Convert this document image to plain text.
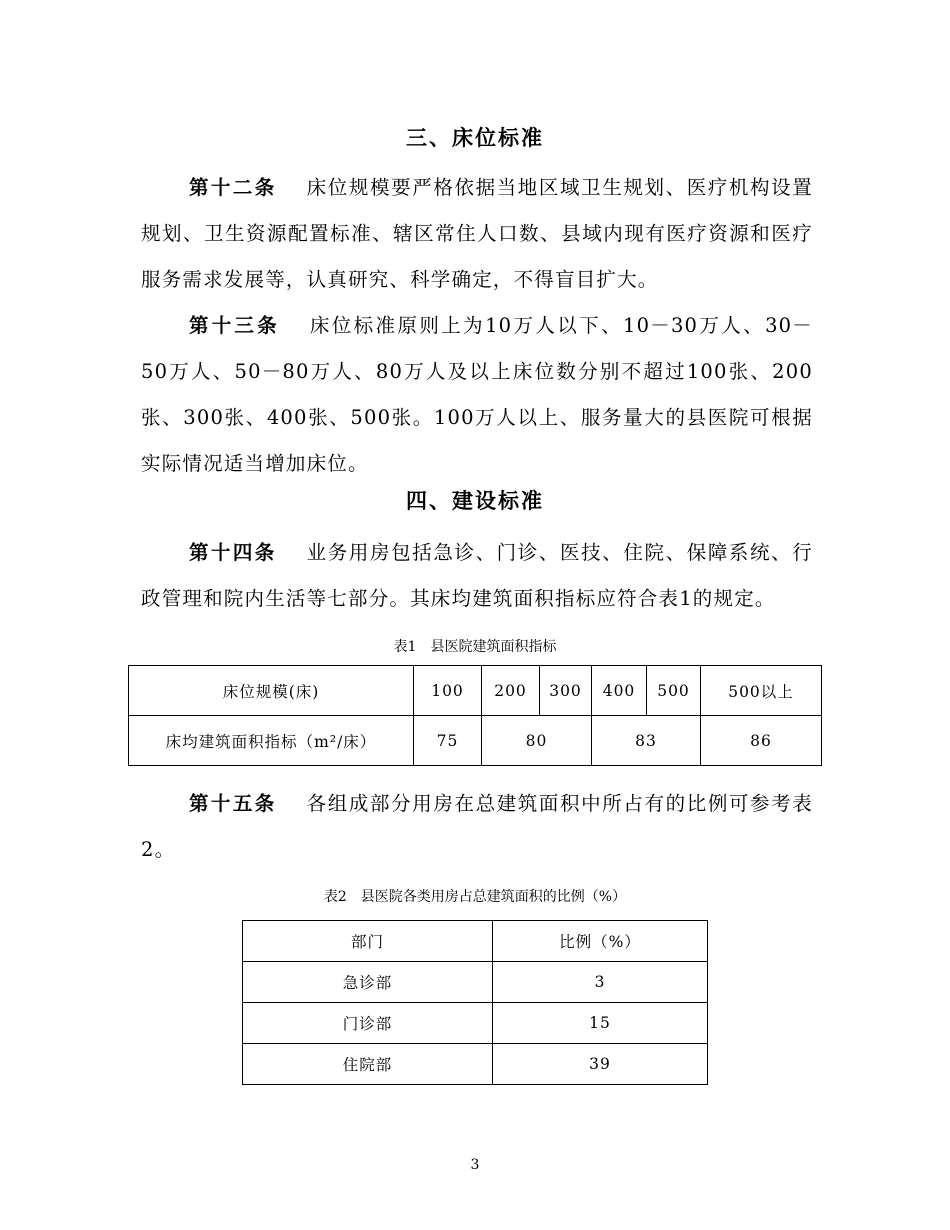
三、床位标准

第十二条 床位规模要严格依据当地区域卫生规划、医疗机构设置规划、卫生资源配置标准、辖区常住人口数、县域内现有医疗资源和医疗服务需求发展等，认真研究、科学确定，不得盲目扩大。

第十三条 床位标准原则上为10万人以下、10－30万人、30－50万人、50－80万人、80万人及以上床位数分别不超过100张、200张、300张、400张、500张。100万人以上、服务量大的县医院可根据实际情况适当增加床位。

四、建设标准

第十四条 业务用房包括急诊、门诊、医技、住院、保障系统、行政管理和院内生活等七部分。其床均建筑面积指标应符合表1的规定。

表1 县医院建筑面积指标
床位规模(床)	100	200	300	400	500	500以上
床均建筑面积指标（m²/床）	75	80		83		86

第十五条 各组成部分用房在总建筑面积中所占有的比例可参考表2。

表2 县医院各类用房占总建筑面积的比例（%）
部门	比例（%）
急诊部	3
门诊部	15
住院部	39
3
